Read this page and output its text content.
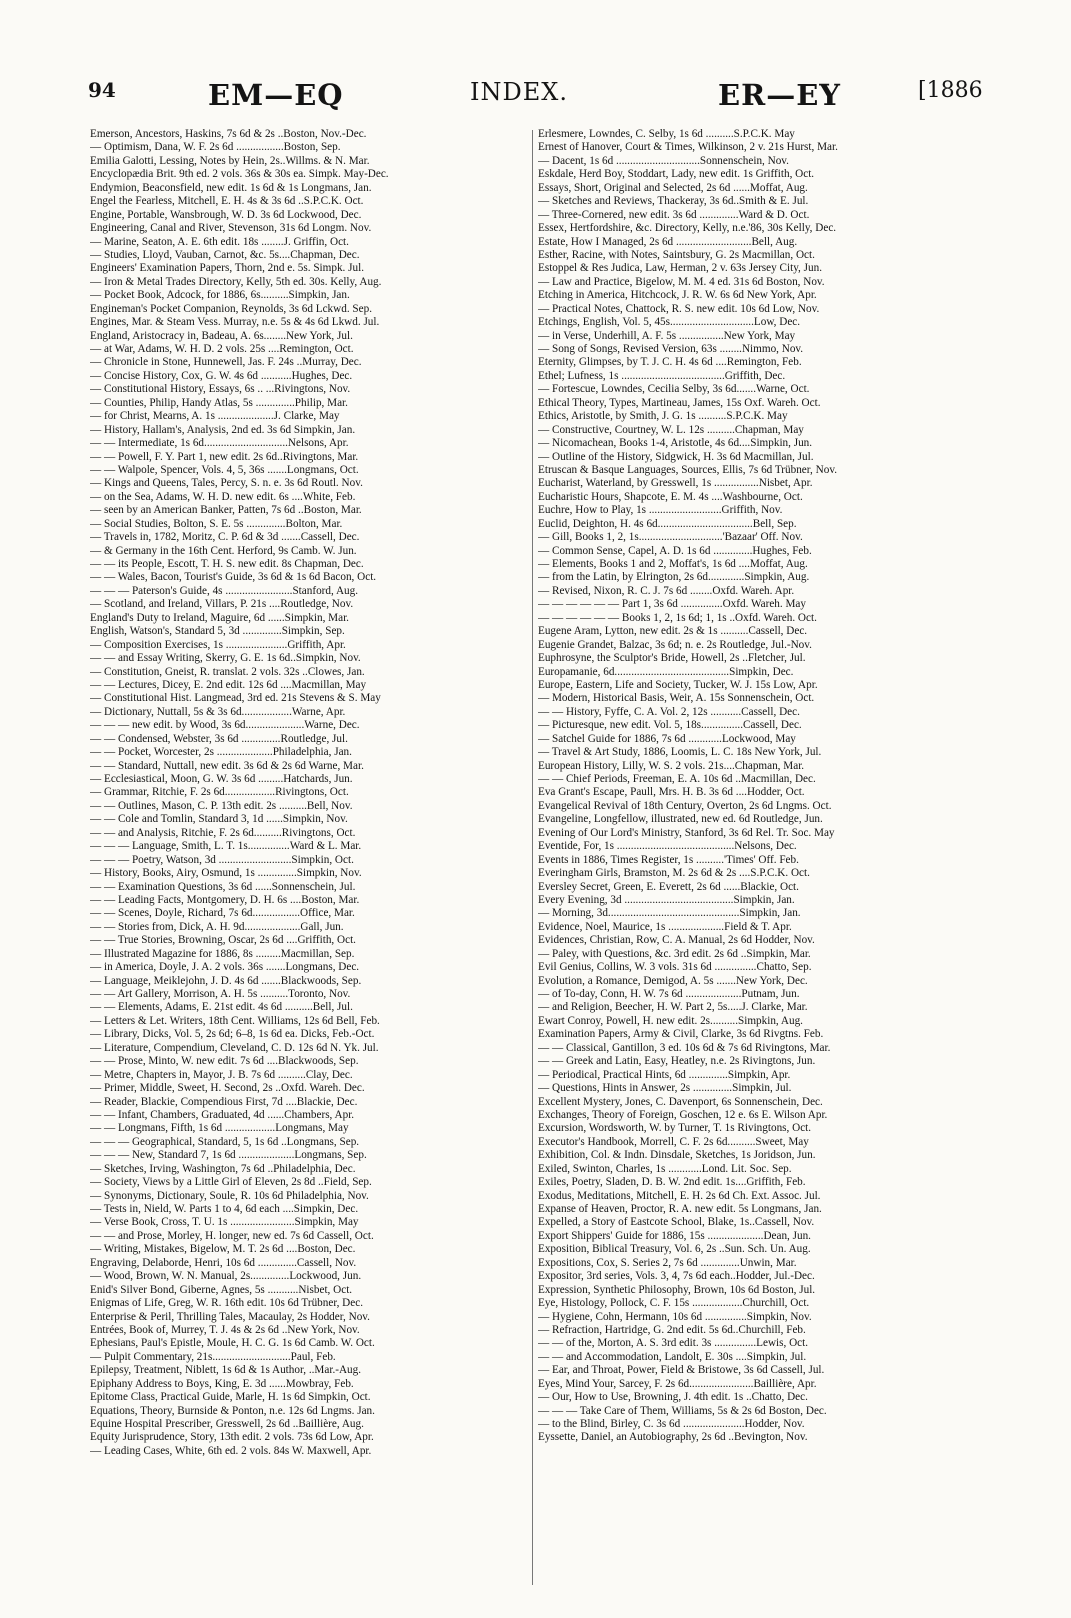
94	EM—EQ	INDEX.	ER—EY	[1886
Emerson, Ancestors, Haskins, 7s 6d & 2s ..Boston, Nov.-Dec.
— Optimism, Dana, W. F. 2s 6d .................Boston, Sep.
Emilia Galotti, Lessing, Notes by Hein, 2s..Willms. & N. Mar.
Encyclopædia Brit. 9th ed. 2 vols. 36s & 30s ea. Simpk. May-Dec.
Endymion, Beaconsfield, new edit. 1s 6d & 1s Longmans, Jan.
Engel the Fearless, Mitchell, E. H. 4s & 3s 6d ..S.P.C.K. Oct.
Engine, Portable, Wansbrough, W. D. 3s 6d Lockwood, Dec.
Engineering, Canal and River, Stevenson, 31s 6d Longm. Nov.
— Marine, Seaton, A. E. 6th edit. 18s ........J. Griffin, Oct.
— Studies, Lloyd, Vauban, Carnot, &c. 5s....Chapman, Dec.
Engineers' Examination Papers, Thorn, 2nd e. 5s. Simpk. Jul.
— Iron & Metal Trades Directory, Kelly, 5th ed. 30s. Kelly, Aug.
— Pocket Book, Adcock, for 1886, 6s..........Simpkin, Jan.
Engineman's Pocket Companion, Reynolds, 3s 6d Lckwd. Sep.
Engines, Mar. & Steam Vess. Murray, n.e. 5s & 4s 6d Lkwd. Jul.
England, Aristocracy in, Badeau, A. 6s........New York, Jul.
— at War, Adams, W. H. D. 2 vols. 25s ....Remington, Oct.
— Chronicle in Stone, Hunnewell, Jas. F. 24s ..Murray, Dec.
— Concise History, Cox, G. W. 4s 6d ...........Hughes, Dec.
— Constitutional History, Essays, 6s .. ...Rivingtons, Nov.
— Counties, Philip, Handy Atlas, 5s ..............Philip, Mar.
— for Christ, Mearns, A. 1s ....................J. Clarke, May
— History, Hallam's, Analysis, 2nd ed. 3s 6d Simpkin, Jan.
— — Intermediate, 1s 6d..............................Nelsons, Apr.
— — Powell, F. Y. Part 1, new edit. 2s 6d..Rivingtons, Mar.
— — Walpole, Spencer, Vols. 4, 5, 36s .......Longmans, Oct.
— Kings and Queens, Tales, Percy, S. n. e. 3s 6d Routl. Nov.
— on the Sea, Adams, W. H. D. new edit. 6s ....White, Feb.
— seen by an American Banker, Patten, 7s 6d ..Boston, Mar.
— Social Studies, Bolton, S. E. 5s ..............Bolton, Mar.
— Travels in, 1782, Moritz, C. P. 6d & 3d .......Cassell, Dec.
— & Germany in the 16th Cent. Herford, 9s Camb. W. Jun.
— — its People, Escott, T. H. S. new edit. 8s Chapman, Dec.
— — Wales, Bacon, Tourist's Guide, 3s 6d & 1s 6d Bacon, Oct.
— — — Paterson's Guide, 4s ........................Stanford, Aug.
— Scotland, and Ireland, Villars, P. 21s ....Routledge, Nov.
England's Duty to Ireland, Maguire, 6d ......Simpkin, Mar.
English, Watson's, Standard 5, 3d ..............Simpkin, Sep.
— Composition Exercises, 1s ......................Griffith, Apr.
— — and Essay Writing, Skerry, G. E. 1s 6d..Simpkin, Nov.
— Constitution, Gneist, R. translat. 2 vols. 32s ..Clowes, Jan.
— — Lectures, Dicey, E. 2nd edit. 12s 6d ....Macmillan, May
— Constitutional Hist. Langmead, 3rd ed. 21s Stevens & S. May
— Dictionary, Nuttall, 5s & 3s 6d..................Warne, Apr.
— — — new edit. by Wood, 3s 6d.....................Warne, Dec.
— — Condensed, Webster, 3s 6d ..............Routledge, Jul.
— — Pocket, Worcester, 2s ....................Philadelphia, Jan.
— — Standard, Nuttall, new edit. 3s 6d & 2s 6d Warne, Mar.
— Ecclesiastical, Moon, G. W. 3s 6d .........Hatchards, Jun.
— Grammar, Ritchie, F. 2s 6d..................Rivingtons, Oct.
— — Outlines, Mason, C. P. 13th edit. 2s ..........Bell, Nov.
— — Cole and Tomlin, Standard 3, 1d ......Simpkin, Nov.
— — and Analysis, Ritchie, F. 2s 6d..........Rivingtons, Oct.
— — — Language, Smith, L. T. 1s...............Ward & L. Mar.
— — — Poetry, Watson, 3d ..........................Simpkin, Oct.
— History, Books, Airy, Osmund, 1s ..............Simpkin, Nov.
— — Examination Questions, 3s 6d ......Sonnenschein, Jul.
— — Leading Facts, Montgomery, D. H. 6s ....Boston, Mar.
— — Scenes, Doyle, Richard, 7s 6d.................Office, Mar.
— — Stories from, Dick, A. H. 9d....................Gall, Jun.
— — True Stories, Browning, Oscar, 2s 6d ....Griffith, Oct.
— Illustrated Magazine for 1886, 8s .........Macmillan, Sep.
— in America, Doyle, J. A. 2 vols. 36s .......Longmans, Dec.
— Language, Meiklejohn, J. D. 4s 6d .......Blackwoods, Sep.
— — Art Gallery, Morrison, A. H. 5s ..........Toronto, Nov.
— — Elements, Adams, E. 21st edit. 4s 6d ..........Bell, Jul.
— Letters & Let. Writers, 18th Cent. Williams, 12s 6d Bell, Feb.
— Library, Dicks, Vol. 5, 2s 6d; 6–8, 1s 6d ea. Dicks, Feb.-Oct.
— Literature, Compendium, Cleveland, C. D. 12s 6d N. Yk. Jul.
— — Prose, Minto, W. new edit. 7s 6d ....Blackwoods, Sep.
— Metre, Chapters in, Mayor, J. B. 7s 6d ..........Clay, Dec.
— Primer, Middle, Sweet, H. Second, 2s ..Oxfd. Wareh. Dec.
— Reader, Blackie, Compendious First, 7d ....Blackie, Dec.
— — Infant, Chambers, Graduated, 4d ......Chambers, Apr.
— — Longmans, Fifth, 1s 6d ..................Longmans, May
— — — Geographical, Standard, 5, 1s 6d ..Longmans, Sep.
— — — New, Standard 7, 1s 6d ....................Longmans, Sep.
— Sketches, Irving, Washington, 7s 6d ..Philadelphia, Dec.
— Society, Views by a Little Girl of Eleven, 2s 8d ..Field, Sep.
— Synonyms, Dictionary, Soule, R. 10s 6d Philadelphia, Nov.
— Tests in, Nield, W. Parts 1 to 4, 6d each ....Simpkin, Dec.
— Verse Book, Cross, T. U. 1s .......................Simpkin, May
— — and Prose, Morley, H. longer, new ed. 7s 6d Cassell, Oct.
— Writing, Mistakes, Bigelow, M. T. 2s 6d ....Boston, Dec.
Engraving, Delaborde, Henri, 10s 6d ..............Cassell, Nov.
— Wood, Brown, W. N. Manual, 2s..............Lockwood, Jun.
Enid's Silver Bond, Giberne, Agnes, 5s ...........Nisbet, Oct.
Enigmas of Life, Greg, W. R. 16th edit. 10s 6d Trübner, Dec.
Enterprise & Peril, Thrilling Tales, Macaulay, 2s Hodder, Nov.
Entrées, Book of, Murrey, T. J. 4s & 2s 6d ..New York, Nov.
Ephesians, Paul's Epistle, Moule, H. C. G. 1s 6d Camb. W. Oct.
— Pulpit Commentary, 21s............................Paul, Feb.
Epilepsy, Treatment, Niblett, 1s 6d & 1s Author, ..Mar.-Aug.
Epiphany Address to Boys, King, E. 3d ......Mowbray, Feb.
Epitome Class, Practical Guide, Marle, H. 1s 6d Simpkin, Oct.
Equations, Theory, Burnside & Ponton, n.e. 12s 6d Lngms. Jan.
Equine Hospital Prescriber, Gresswell, 2s 6d ..Baillière, Aug.
Equity Jurisprudence, Story, 13th edit. 2 vols. 73s 6d Low, Apr.
— Leading Cases, White, 6th ed. 2 vols. 84s W. Maxwell, Apr.
Erlesmere, Lowndes, C. Selby, 1s 6d ..........S.P.C.K. May
Ernest of Hanover, Court & Times, Wilkinson, 2 v. 21s Hurst, Mar.
— Dacent, 1s 6d ..............................Sonnenschein, Nov.
Eskdale, Herd Boy, Stoddart, Lady, new edit. 1s Griffith, Oct.
Essays, Short, Original and Selected, 2s 6d ......Moffat, Aug.
— Sketches and Reviews, Thackeray, 3s 6d..Smith & E. Jul.
— Three-Cornered, new edit. 3s 6d ..............Ward & D. Oct.
Essex, Hertfordshire, &c. Directory, Kelly, n.e.'86, 30s Kelly, Dec.
Estate, How I Managed, 2s 6d ...........................Bell, Aug.
Esther, Racine, with Notes, Saintsbury, G. 2s Macmillan, Oct.
Estoppel & Res Judica, Law, Herman, 2 v. 63s Jersey City, Jun.
— Law and Practice, Bigelow, M. M. 4 ed. 31s 6d Boston, Nov.
Etching in America, Hitchcock, J. R. W. 6s 6d New York, Apr.
— Practical Notes, Chattock, R. S. new edit. 10s 6d Low, Nov.
Etchings, English, Vol. 5, 45s..............................Low, Dec.
— in Verse, Underhill, A. F. 5s ................New York, May
— Song of Songs, Revised Version, 63s ........Nimmo, Nov.
Eternity, Glimpses, by T. J. C. H. 4s 6d ....Remington, Feb.
Ethel; Lufness, 1s .....................................Griffith, Dec.
— Fortescue, Lowndes, Cecilia Selby, 3s 6d.......Warne, Oct.
Ethical Theory, Types, Martineau, James, 15s Oxf. Wareh. Oct.
Ethics, Aristotle, by Smith, J. G. 1s ..........S.P.C.K. May
— Constructive, Courtney, W. L. 12s ..........Chapman, May
— Nicomachean, Books 1-4, Aristotle, 4s 6d....Simpkin, Jun.
— Outline of the History, Sidgwick, H. 3s 6d Macmillan, Jul.
Etruscan & Basque Languages, Sources, Ellis, 7s 6d Trübner, Nov.
Eucharist, Waterland, by Gresswell, 1s ................Nisbet, Apr.
Eucharistic Hours, Shapcote, E. M. 4s ....Washbourne, Oct.
Euchre, How to Play, 1s ..........................Griffith, Nov.
Euclid, Deighton, H. 4s 6d..................................Bell, Sep.
— Gill, Books 1, 2, 1s..............................'Bazaar' Off. Nov.
— Common Sense, Capel, A. D. 1s 6d ..............Hughes, Feb.
— Elements, Books 1 and 2, Moffat's, 1s 6d ....Moffat, Aug.
— from the Latin, by Elrington, 2s 6d.............Simpkin, Aug.
— Revised, Nixon, R. C. J. 7s 6d ........Oxfd. Wareh. Apr.
— — — — — — Part 1, 3s 6d ...............Oxfd. Wareh. May
— — — — — — Books 1, 2, 1s 6d; 1, 1s ..Oxfd. Wareh. Oct.
Eugene Aram, Lytton, new edit. 2s & 1s ..........Cassell, Dec.
Eugenie Grandet, Balzac, 3s 6d; n. e. 2s Routledge, Jul.-Nov.
Euphrosyne, the Sculptor's Bride, Howell, 2s ..Fletcher, Jul.
Europamanie, 6d.........................................Simpkin, Dec.
Europe, Eastern, Life and Society, Tucker, W. J. 15s Low, Apr.
— Modern, Historical Basis, Weir, A. 15s Sonnenschein, Oct.
— — History, Fyffe, C. A. Vol. 2, 12s ...........Cassell, Dec.
— Picturesque, new edit. Vol. 5, 18s...............Cassell, Dec.
— Satchel Guide for 1886, 7s 6d ............Lockwood, May
— Travel & Art Study, 1886, Loomis, L. C. 18s New York, Jul.
European History, Lilly, W. S. 2 vols. 21s....Chapman, Mar.
— — Chief Periods, Freeman, E. A. 10s 6d ..Macmillan, Dec.
Eva Grant's Escape, Paull, Mrs. H. B. 3s 6d ....Hodder, Oct.
Evangelical Revival of 18th Century, Overton, 2s 6d Lngms. Oct.
Evangeline, Longfellow, illustrated, new ed. 6d Routledge, Jun.
Evening of Our Lord's Ministry, Stanford, 3s 6d Rel. Tr. Soc. May
Eventide, For, 1s ..........................................Nelsons, Dec.
Events in 1886, Times Register, 1s ..........'Times' Off. Feb.
Everingham Girls, Bramston, M. 2s 6d & 2s ....S.P.C.K. Oct.
Eversley Secret, Green, E. Everett, 2s 6d ......Blackie, Oct.
Every Evening, 3d .......................................Simpkin, Jan.
— Morning, 3d...............................................Simpkin, Jan.
Evidence, Noel, Maurice, 1s ....................Field & T. Apr.
Evidences, Christian, Row, C. A. Manual, 2s 6d Hodder, Nov.
— Paley, with Questions, &c. 3rd edit. 2s 6d ..Simpkin, Mar.
Evil Genius, Collins, W. 3 vols. 31s 6d ...............Chatto, Sep.
Evolution, a Romance, Demigod, A. 5s .......New York, Dec.
— of To-day, Conn, H. W. 7s 6d ....................Putnam, Jun.
— and Religion, Beecher, H. W. Part 2, 5s.....J. Clarke, Mar.
Ewart Conroy, Powell, H. new edit. 2s..........Simpkin, Aug.
Examination Papers, Army & Civil, Clarke, 3s 6d Rivgtns. Feb.
— — Classical, Gantillon, 3 ed. 10s 6d & 7s 6d Rivingtons, Mar.
— — Greek and Latin, Easy, Heatley, n.e. 2s Rivingtons, Jun.
— Periodical, Practical Hints, 6d ..............Simpkin, Apr.
— Questions, Hints in Answer, 2s ..............Simpkin, Jul.
Excellent Mystery, Jones, C. Davenport, 6s Sonnenschein, Dec.
Exchanges, Theory of Foreign, Goschen, 12 e. 6s E. Wilson Apr.
Excursion, Wordsworth, W. by Turner, T. 1s Rivingtons, Oct.
Executor's Handbook, Morrell, C. F. 2s 6d..........Sweet, May
Exhibition, Col. & Indn. Dinsdale, Sketches, 1s Joridson, Jun.
Exiled, Swinton, Charles, 1s ............Lond. Lit. Soc. Sep.
Exiles, Poetry, Sladen, D. B. W. 2nd edit. 1s....Griffith, Feb.
Exodus, Meditations, Mitchell, E. H. 2s 6d Ch. Ext. Assoc. Jul.
Expanse of Heaven, Proctor, R. A. new edit. 5s Longmans, Jan.
Expelled, a Story of Eastcote School, Blake, 1s..Cassell, Nov.
Export Shippers' Guide for 1886, 15s ....................Dean, Jun.
Exposition, Biblical Treasury, Vol. 6, 2s ..Sun. Sch. Un. Aug.
Expositions, Cox, S. Series 2, 7s 6d ..............Unwin, Mar.
Expositor, 3rd series, Vols. 3, 4, 7s 6d each..Hodder, Jul.-Dec.
Expression, Synthetic Philosophy, Brown, 10s 6d Boston, Jul.
Eye, Histology, Pollock, C. F. 15s ..................Churchill, Oct.
— Hygiene, Cohn, Hermann, 10s 6d ...............Simpkin, Nov.
— Refraction, Hartridge, G. 2nd edit. 5s 6d..Churchill, Feb.
— — of the, Morton, A. S. 3rd edit. 3s ...............Lewis, Oct.
— — and Accommodation, Landolt, E. 30s ....Simpkin, Jul.
— Ear, and Throat, Power, Field & Bristowe, 3s 6d Cassell, Jul.
Eyes, Mind Your, Sarcey, F. 2s 6d.......................Baillière, Apr.
— Our, How to Use, Browning, J. 4th edit. 1s ..Chatto, Dec.
— — — Take Care of Them, Williams, 5s & 2s 6d Boston, Dec.
— to the Blind, Birley, C. 3s 6d ......................Hodder, Nov.
Eyssette, Daniel, an Autobiography, 2s 6d ..Bevington, Nov.
